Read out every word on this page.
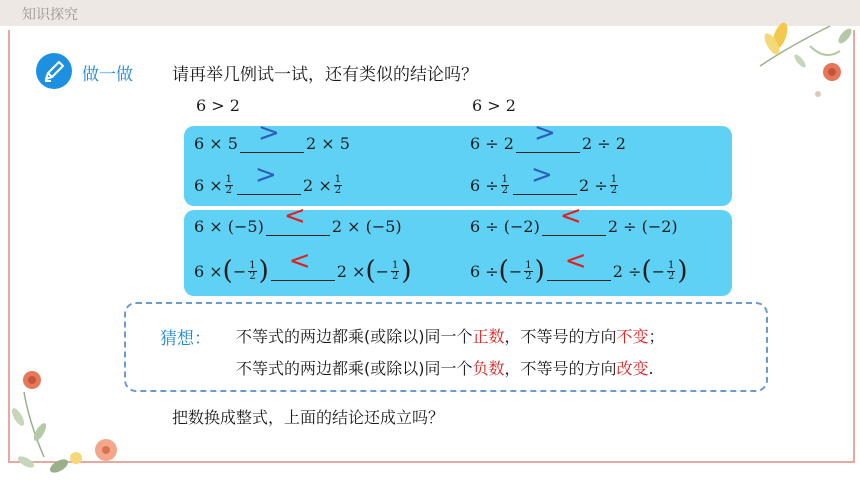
知识探究
做一做 请再举几例试一试，还有类似的结论吗？
6 > 2	6 > 2
6 × 5 > 2 × 5	6 ÷ 2 > 2 ÷ 2
$6 \times \frac{1}{2} > 2 \times \frac{1}{2}$	$6 \div \frac{1}{2} > 2 \div \frac{1}{2}$
6 × (−5) < 2 × (−5)	6 ÷ (−2) < 2 ÷ (−2)
6 × ( − $\frac{1}{2}$ ) < 2 × ( − $\frac{1}{2}$ )	6 ÷ ( − $\frac{1}{2}$ ) < 2 ÷ ( − $\frac{1}{2}$ )
猜想： 不等式的两边都乘(或除以)同一个正数，不等号的方向不变；
不等式的两边都乘(或除以)同一个负数，不等号的方向改变.
把数换成整式，上面的结论还成立吗？
